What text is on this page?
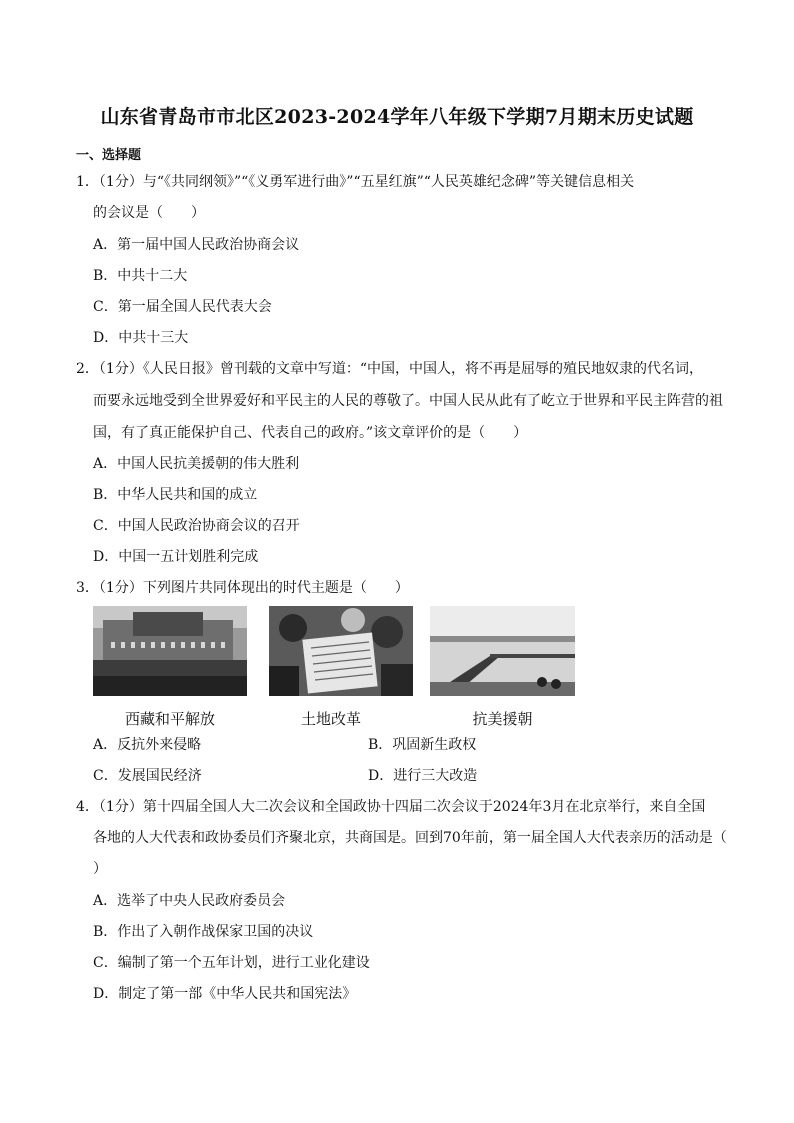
山东省青岛市市北区2023-2024学年八年级下学期7月期末历史试题
一、选择题
1．（1分）与“《共同纲领》”“《义勇军进行曲》”“五星红旗”“人民英雄纪念碑”等关键信息相关
的会议是（　　）
A．第一届中国人民政治协商会议
B．中共十二大
C．第一届全国人民代表大会
D．中共十三大
2．（1分）《人民日报》曾刊载的文章中写道：“中国，中国人，将不再是屈辱的殖民地奴隶的代名词，
而要永远地受到全世界爱好和平民主的人民的尊敬了。中国人民从此有了屹立于世界和平民主阵营的祖
国，有了真正能保护自己、代表自己的政府。”该文章评价的是（　　）
A．中国人民抗美援朝的伟大胜利
B．中华人民共和国的成立
C．中国人民政治协商会议的召开
D．中国一五计划胜利完成
3．（1分）下列图片共同体现出的时代主题是（　　）
西藏和平解放	土地改革	抗美援朝
A．反抗外来侵略	B．巩固新生政权
C．发展国民经济	D．进行三大改造
4．（1分）第十四届全国人大二次会议和全国政协十四届二次会议于2024年3月在北京举行，来自全国
各地的人大代表和政协委员们齐聚北京，共商国是。回到70年前，第一届全国人大代表亲历的活动是（
）
A．选举了中央人民政府委员会
B．作出了入朝作战保家卫国的决议
C．编制了第一个五年计划，进行工业化建设
D．制定了第一部《中华人民共和国宪法》
